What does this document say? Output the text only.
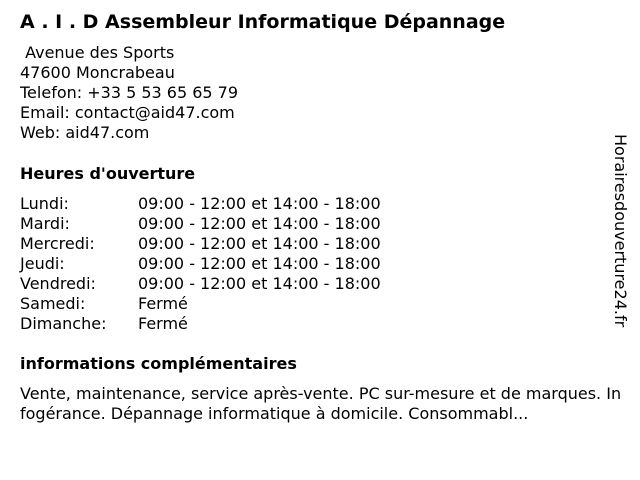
A . I . D Assembleur Informatique Dépannage
Avenue des Sports
47600 Moncrabeau
Telefon: +33 5 53 65 65 79
Email: contact@aid47.com
Web: aid47.com
Heures d'ouverture
Lundi:	09:00 - 12:00 et 14:00 - 18:00
Mardi:	09:00 - 12:00 et 14:00 - 18:00
Mercredi:	09:00 - 12:00 et 14:00 - 18:00
Jeudi:	09:00 - 12:00 et 14:00 - 18:00
Vendredi:	09:00 - 12:00 et 14:00 - 18:00
Samedi:	Fermé
Dimanche:	Fermé
informations complémentaires
Vente, maintenance, service après-vente. PC sur-mesure et de marques. Infogérance. Dépannage informatique à domicile. Consommabl...
Horairesdouverture24.fr
